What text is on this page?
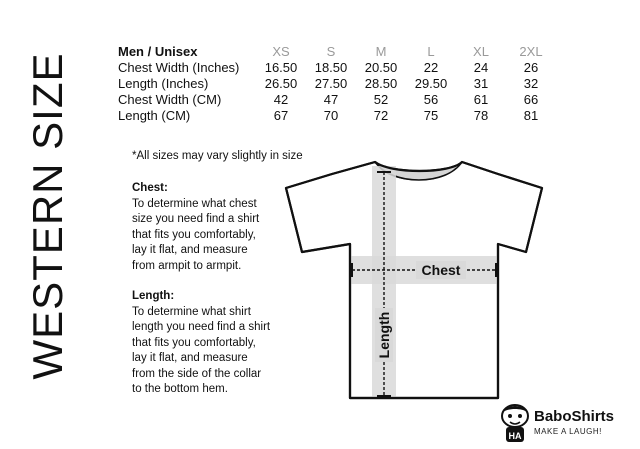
WESTERN SIZE
Men / Unisex	XS	S	M	L	XL	2XL
Chest Width (Inches)	16.50	18.50	20.50	22	24	26
Length (Inches)	26.50	27.50	28.50	29.50	31	32
Chest Width (CM)	42	47	52	56	61	66
Length (CM)	67	70	72	75	78	81
*All sizes may vary slightly in size
Chest:
To determine what chest
size you need find a shirt
that fits you comfortably,
lay it flat, and measure
from armpit to armpit.
Length:
To determine what shirt
length you need find a shirt
that fits you comfortably,
lay it flat, and measure
from the side of the collar
to the bottom hem.
Chest
Length
HA
BaboShirts
MAKE A LAUGH!
